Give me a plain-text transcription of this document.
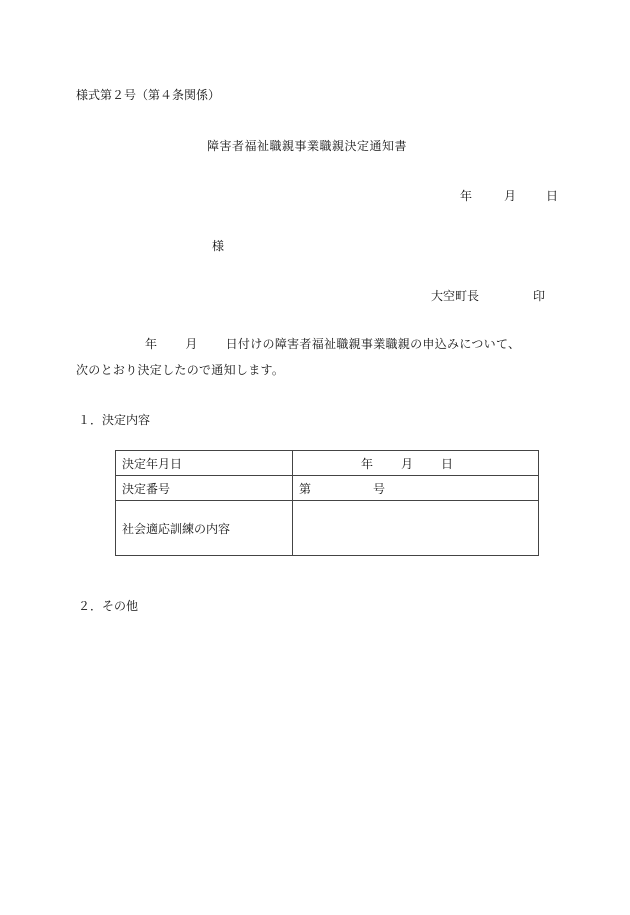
様式第２号（第４条関係）
障害者福祉職親事業職親決定通知書
年	月	日
様
大空町長	印
年 月 日付けの障害者福祉職親事業職親の申込みについて、
次のとおり決定したので通知します。
１．決定内容
決定年月日	年 月 日
決定番号	第 号
社会適応訓練の内容	
２．その他
